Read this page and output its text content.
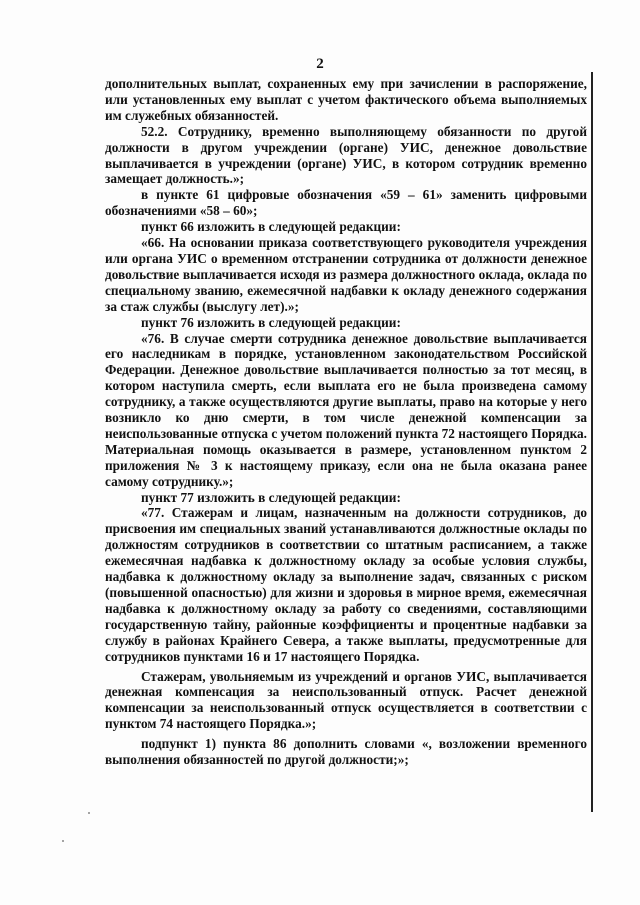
2

дополнительных выплат, сохраненных ему при зачислении в распоряжение, или установленных ему выплат с учетом фактического объема выполняемых им служебных обязанностей.

52.2. Сотруднику, временно выполняющему обязанности по другой должности в другом учреждении (органе) УИС, денежное довольствие выплачивается в учреждении (органе) УИС, в котором сотрудник временно замещает должность.»;

в пункте 61 цифровые обозначения «59 – 61» заменить цифровыми обозначениями «58 – 60»;

пункт 66 изложить в следующей редакции:

«66. На основании приказа соответствующего руководителя учреждения или органа УИС о временном отстранении сотрудника от должности денежное довольствие выплачивается исходя из размера должностного оклада, оклада по специальному званию, ежемесячной надбавки к окладу денежного содержания за стаж службы (выслугу лет).»;

пункт 76 изложить в следующей редакции:

«76. В случае смерти сотрудника денежное довольствие выплачивается его наследникам в порядке, установленном законодательством Российской Федерации. Денежное довольствие выплачивается полностью за тот месяц, в котором наступила смерть, если выплата его не была произведена самому сотруднику, а также осуществляются другие выплаты, право на которые у него возникло ко дню смерти, в том числе денежной компенсации за неиспользованные отпуска с учетом положений пункта 72 настоящего Порядка. Материальная помощь оказывается в размере, установленном пунктом 2 приложения № 3 к настоящему приказу, если она не была оказана ранее самому сотруднику.»;

пункт 77 изложить в следующей редакции:

«77. Стажерам и лицам, назначенным на должности сотрудников, до присвоения им специальных званий устанавливаются должностные оклады по должностям сотрудников в соответствии со штатным расписанием, а также ежемесячная надбавка к должностному окладу за особые условия службы, надбавка к должностному окладу за выполнение задач, связанных с риском (повышенной опасностью) для жизни и здоровья в мирное время, ежемесячная надбавка к должностному окладу за работу со сведениями, составляющими государственную тайну, районные коэффициенты и процентные надбавки за службу в районах Крайнего Севера, а также выплаты, предусмотренные для сотрудников пунктами 16 и 17 настоящего Порядка.

Стажерам, увольняемым из учреждений и органов УИС, выплачивается денежная компенсация за неиспользованный отпуск. Расчет денежной компенсации за неиспользованный отпуск осуществляется в соответствии с пунктом 74 настоящего Порядка.»;

подпункт 1) пункта 86 дополнить словами «, возложении временного выполнения обязанностей по другой должности;»;
